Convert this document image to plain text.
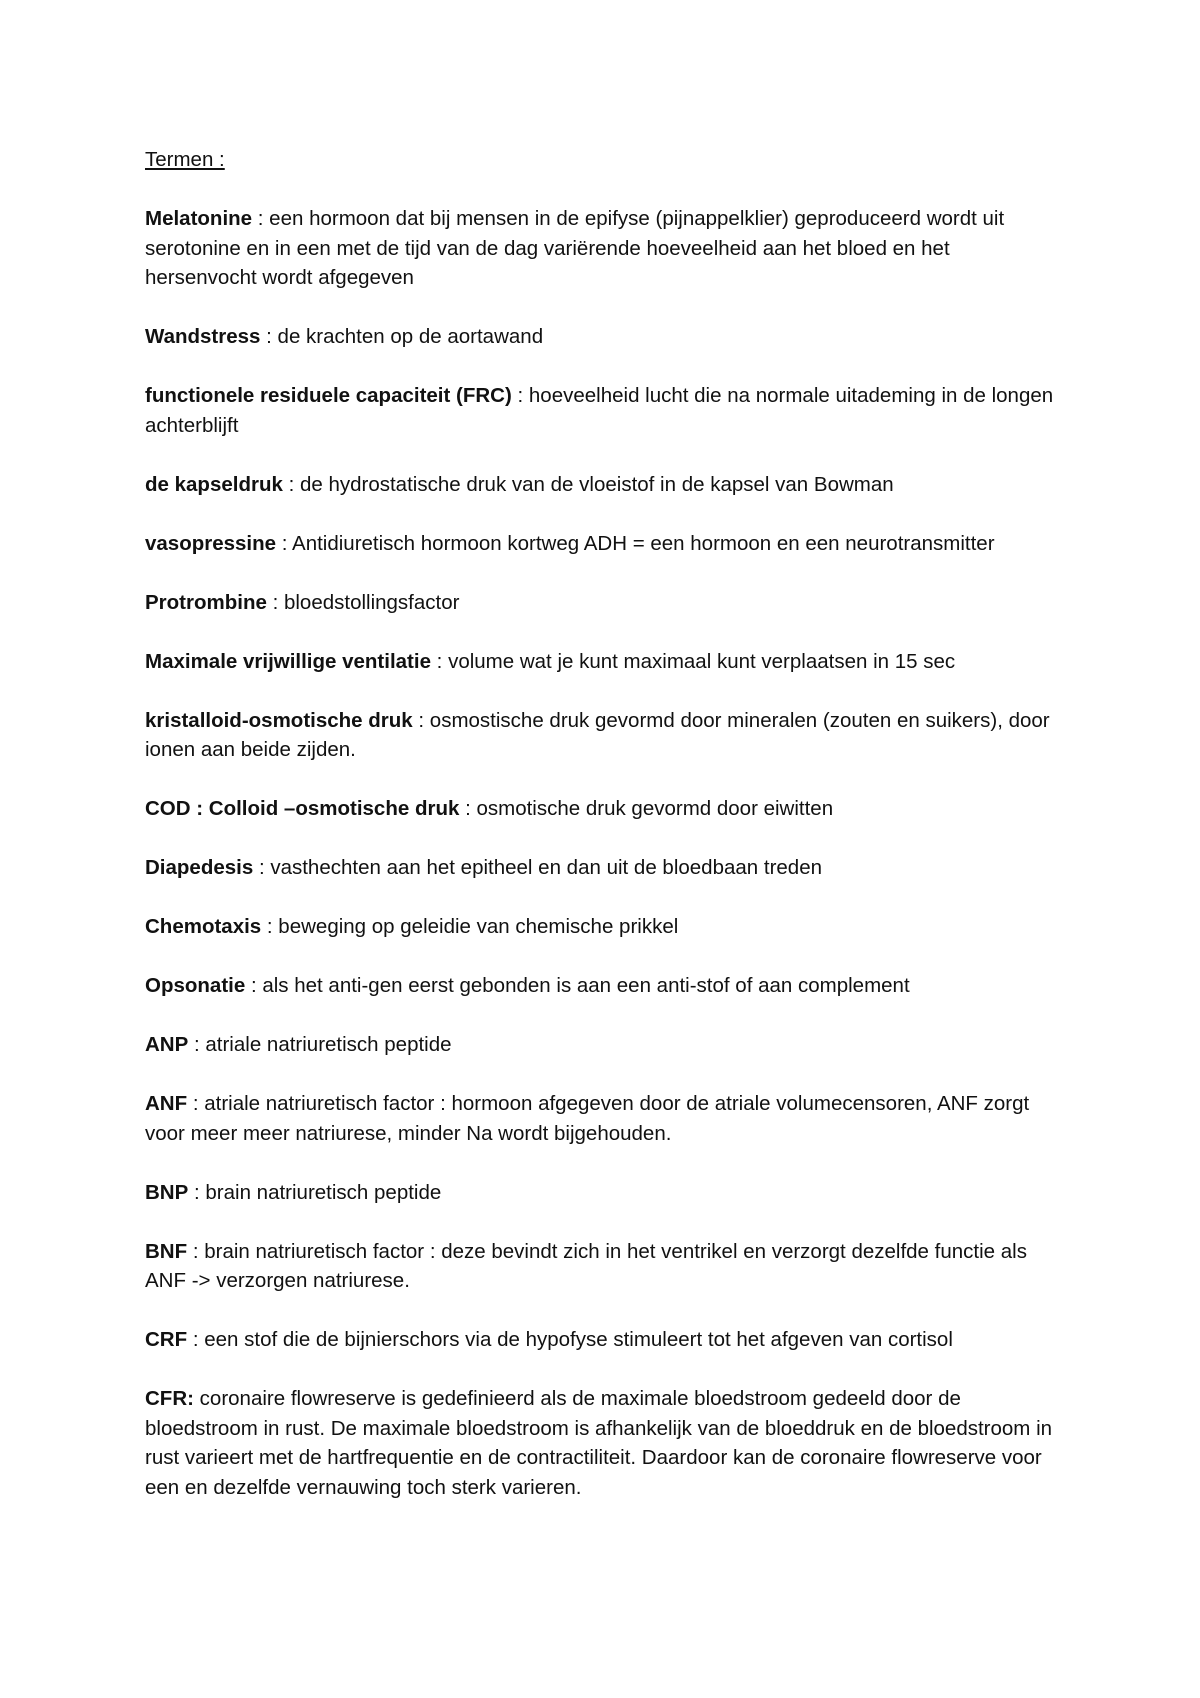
Termen :

Melatonine : een hormoon dat bij mensen in de epifyse (pijnappelklier) geproduceerd wordt uit serotonine en in een met de tijd van de dag variërende hoeveelheid aan het bloed en het hersenvocht wordt afgegeven

Wandstress : de krachten op de aortawand

functionele residuele capaciteit (FRC) : hoeveelheid lucht die na normale uitademing in de longen achterblijft

de kapseldruk : de hydrostatische druk van de vloeistof in de kapsel van Bowman

vasopressine : Antidiuretisch hormoon kortweg ADH = een hormoon en een neurotransmitter

Protrombine : bloedstollingsfactor

Maximale vrijwillige ventilatie : volume wat je kunt maximaal kunt verplaatsen in 15 sec

kristalloid-osmotische druk : osmostische druk gevormd door mineralen (zouten en suikers), door ionen aan beide zijden.

COD : Colloid –osmotische druk : osmotische druk gevormd door eiwitten

Diapedesis : vasthechten aan het epitheel en dan uit de bloedbaan treden

Chemotaxis : beweging op geleidie van chemische prikkel

Opsonatie : als het anti-gen eerst gebonden is aan een anti-stof of aan complement

ANP : atriale natriuretisch peptide

ANF : atriale natriuretisch factor : hormoon afgegeven door de atriale volumecensoren, ANF zorgt voor meer meer natriurese, minder Na wordt bijgehouden.

BNP : brain natriuretisch peptide

BNF : brain natriuretisch factor : deze bevindt zich in het ventrikel en verzorgt dezelfde functie als ANF -> verzorgen natriurese.

CRF : een stof die de bijnierschors via de hypofyse stimuleert tot het afgeven van cortisol

CFR: coronaire flowreserve is gedefinieerd als de maximale bloedstroom gedeeld door de bloedstroom in rust. De maximale bloedstroom is afhankelijk van de bloeddruk en de bloedstroom in rust varieert met de hartfrequentie en de contractiliteit. Daardoor kan de coronaire flowreserve voor een en dezelfde vernauwing toch sterk varieren.
